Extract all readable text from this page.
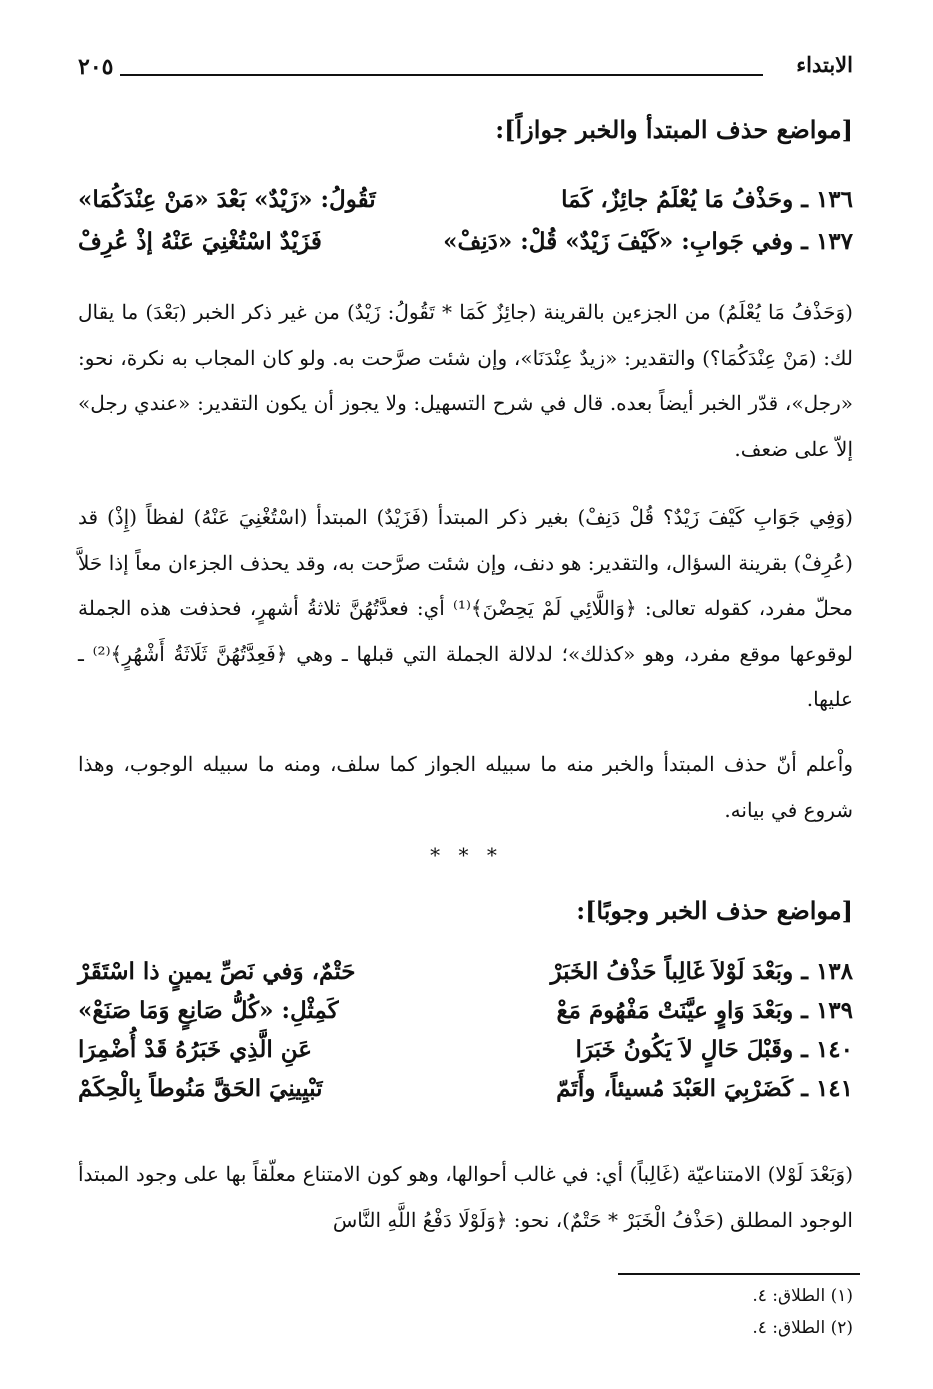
الابتداء
٢٠٥
[مواضع حذف المبتدأ والخبر جوازاً]:
١٣٦ ـ وحَذْفُ مَا يُعْلَمُ جائِزٌ، كَمَا
تَقُولُ: «زَيْدٌ» بَعْدَ «مَنْ عِنْدَكُمَا»
١٣٧ ـ وفي جَوابِ: «كَيْفَ زَيْدٌ» قُلْ: «دَنِفْ»
فَزَيْدٌ اسْتُغْنِيَ عَنْهُ إذْ عُرِفْ
(وَحَذْفُ مَا يُعْلَمُ) من الجزءين بالقرينة (جائِزٌ كَمَا * تَقُولُ: زَيْدٌ) من غير ذكر الخبر (بَعْدَ) ما يقال لك: (مَنْ عِنْدَكُمَا؟) والتقدير: «زيدٌ عِنْدَنَا»، وإن شئت صرَّحت به. ولو كان المجاب به نكرة، نحو: «رجل»، قدّر الخبر أيضاً بعده. قال في شرح التسهيل: ولا يجوز أن يكون التقدير: «عندي رجل» إلاّ على ضعف.
(وَفِي جَوَابِ كَيْفَ زَيْدٌ؟ قُلْ دَنِفْ) بغير ذكر المبتدأ (فَزَيْدٌ) المبتدأ (اسْتُغْنِيَ عَنْهُ) لفظاً (إِذْ) قد (عُرِفْ) بقرينة السؤال، والتقدير: هو دنف، وإن شئت صرَّحت به، وقد يحذف الجزءان معاً إذا حَلاَّ محلّ مفرد، كقوله تعالى: ﴿وَاللَّائِي لَمْ يَحِضْنَ﴾⁽¹⁾ أي: فعدَّتُهُنَّ ثلاثةُ أشهرٍ، فحذفت هذه الجملة لوقوعها موقع مفرد، وهو «كذلك»؛ لدلالة الجملة التي قبلها ـ وهي ﴿فَعِدَّتُهُنَّ ثَلَاثَةُ أَشْهُرٍ﴾⁽²⁾ ـ عليها.
واْعلم أنّ حذف المبتدأ والخبر منه ما سبيله الجواز كما سلف، ومنه ما سبيله الوجوب، وهذا شروع في بيانه.
* * *
[مواضع حذف الخبر وجوبًا]:
١٣٨ ـ وبَعْدَ لَوْلاَ غَالِباً حَذْفُ الخَبَرْ
حَتْمٌ، وَفي نَصِّ يمينٍ ذا اسْتَقَرْ
١٣٩ ـ وبَعْدَ وَاوٍ عيَّنَتْ مَفْهُومَ مَعْ
كَمِثْلِ: «كُلُّ صَانِعٍ وَمَا صَنَعْ»
١٤٠ ـ وقَبْلَ حَالٍ لاَ يَكُونُ خَبَرَا
عَنِ الَّذِي خَبَرُهُ قَدْ أُضْمِرَا
١٤١ ـ كَضَرْبِيَ العَبْدَ مُسيئاً، وأَتَمّ
تَبْيِينِيَ الحَقَّ مَنُوطاً بِالْحِكَمْ
(وَبَعْدَ لَوْلا) الامتناعيّة (غَالِباً) أي: في غالب أحوالها، وهو كون الامتناع معلّقاً بها على وجود المبتدأ الوجود المطلق (حَذْفُ الْخَبَرْ * حَتْمٌ)، نحو: ﴿وَلَوْلَا دَفْعُ اللَّهِ النَّاسَ
(١) الطلاق: ٤.
(٢) الطلاق: ٤.
